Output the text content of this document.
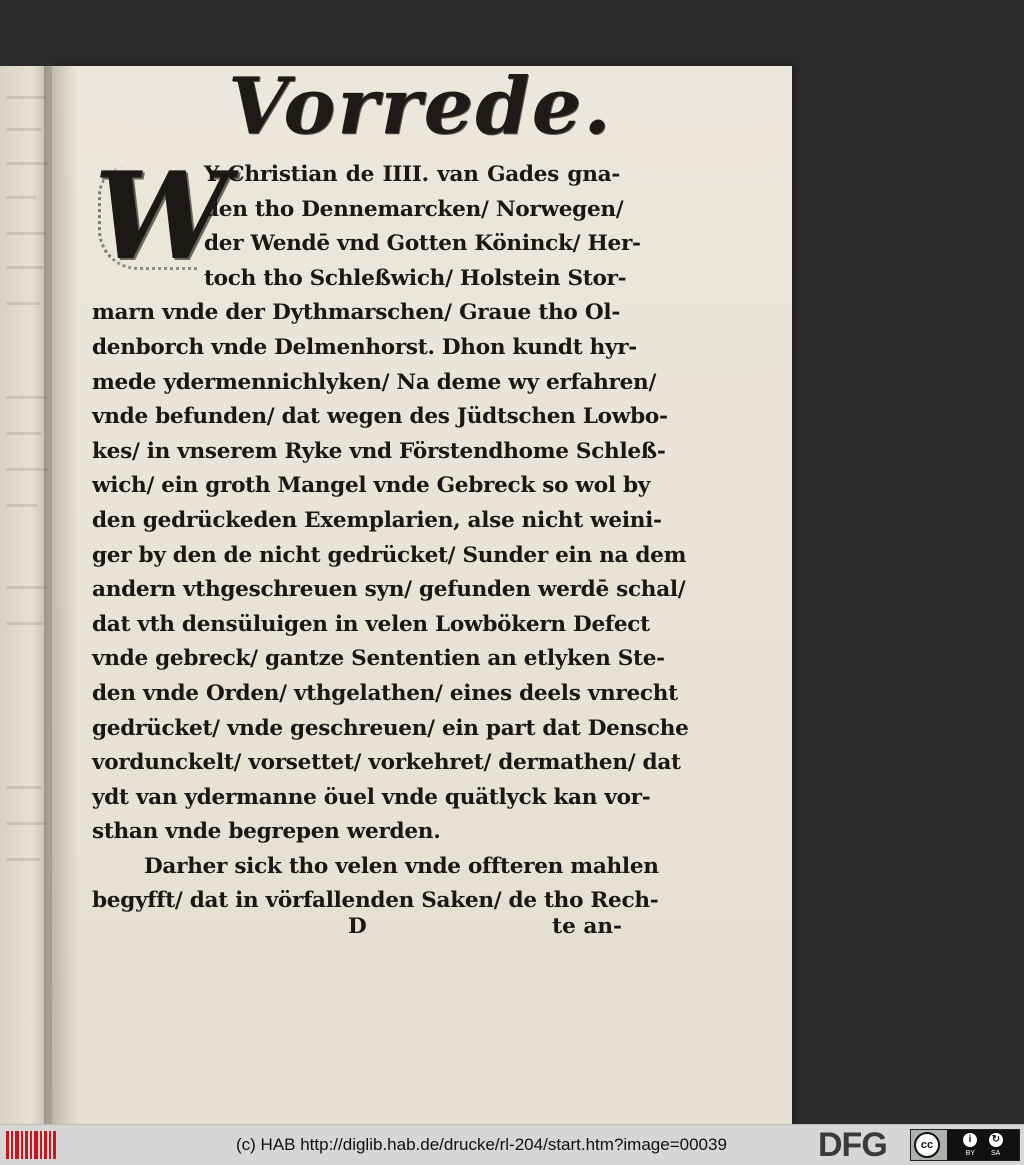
Vorrede.
W
Y Christian de IIII. van Gades gna-
den tho Dennemarcken/ Norwegen/
der Wendē vnd Gotten Köninck/ Her-
toch tho Schleßwich/ Holstein Stor-
marn vnde der Dythmarschen/ Graue tho Ol-
denborch vnde Delmenhorst. Dhon kundt hyr-
mede ydermennichlyken/ Na deme wy erfahren/
vnde befunden/ dat wegen des Jüdtschen Lowbo-
kes/ in vnserem Ryke vnd Förstendhome Schleß-
wich/ ein groth Mangel vnde Gebreck so wol by
den gedrückeden Exemplarien, alse nicht weini-
ger by den de nicht gedrücket/ Sunder ein na dem
andern vthgeschreuen syn/ gefunden werdē schal/
dat vth densüluigen in velen Lowbökern Defect
vnde gebreck/ gantze Sententien an etlyken Ste-
den vnde Orden/ vthgelathen/ eines deels vnrecht
gedrücket/ vnde geschreuen/ ein part dat Densche
vordunckelt/ vorsettet/ vorkehret/ dermathen/ dat
ydt van ydermanne öuel vnde quätlyck kan vor-
sthan vnde begrepen werden.
Darher sick tho velen vnde offteren mahlen
begyfft/ dat in vörfallenden Saken/ de tho Rech-
D	te an-
(c) HAB http://diglib.hab.de/drucke/rl-204/start.htm?image=00039	DFG	cc	i	↻
BY SA
